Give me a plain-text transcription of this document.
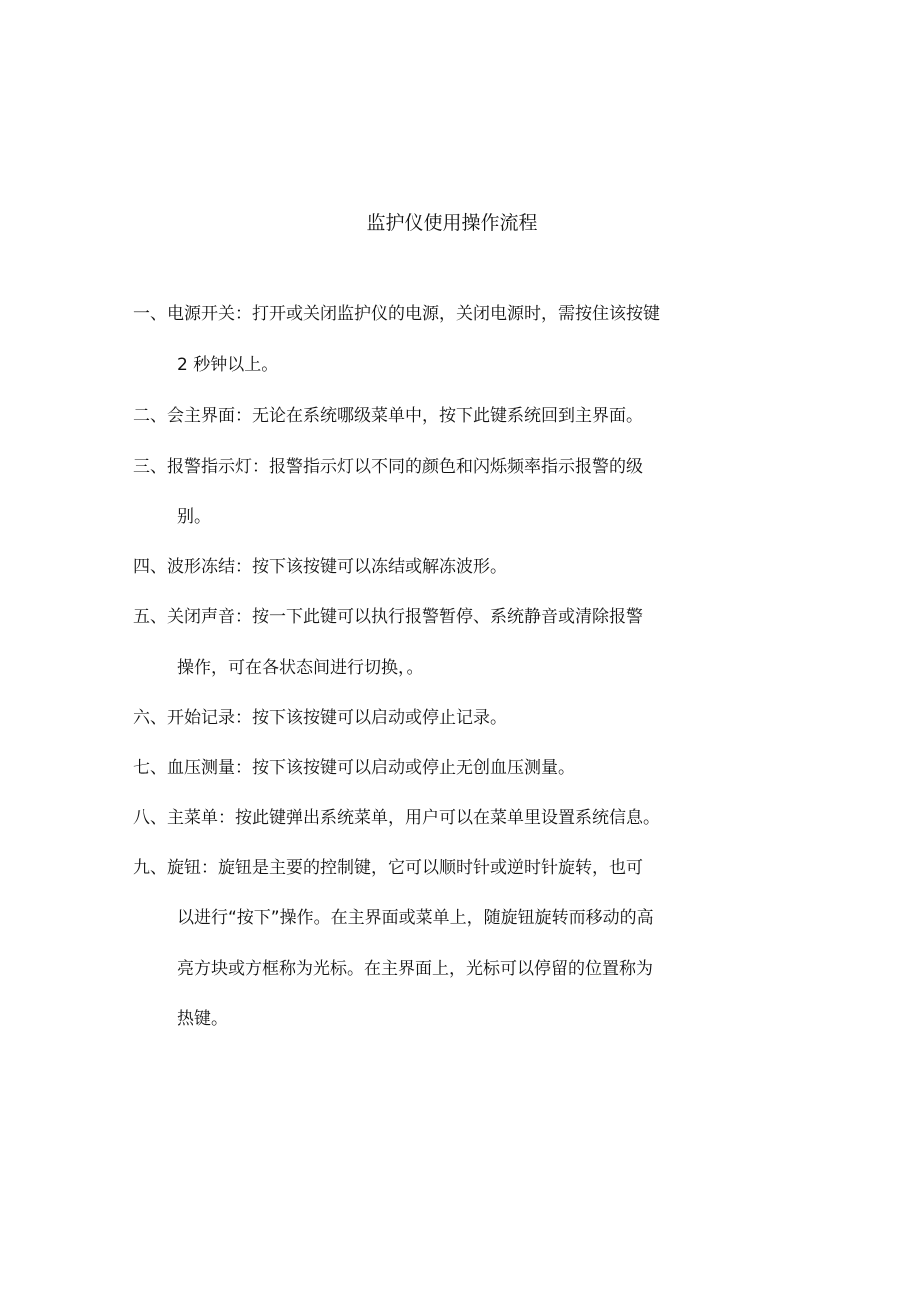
监护仪使用操作流程
一、电源开关：打开或关闭监护仪的电源，关闭电源时，需按住该按键
2 秒钟以上。
二、会主界面：无论在系统哪级菜单中，按下此键系统回到主界面。
三、报警指示灯：报警指示灯以不同的颜色和闪烁频率指示报警的级
别。
四、波形冻结：按下该按键可以冻结或解冻波形。
五、关闭声音：按一下此键可以执行报警暂停、系统静音或清除报警
操作，可在各状态间进行切换，。
六、开始记录：按下该按键可以启动或停止记录。
七、血压测量：按下该按键可以启动或停止无创血压测量。
八、主菜单：按此键弹出系统菜单，用户可以在菜单里设置系统信息。
九、旋钮：旋钮是主要的控制键，它可以顺时针或逆时针旋转，也可
以进行“按下”操作。在主界面或菜单上，随旋钮旋转而移动的高
亮方块或方框称为光标。在主界面上，光标可以停留的位置称为
热键。
